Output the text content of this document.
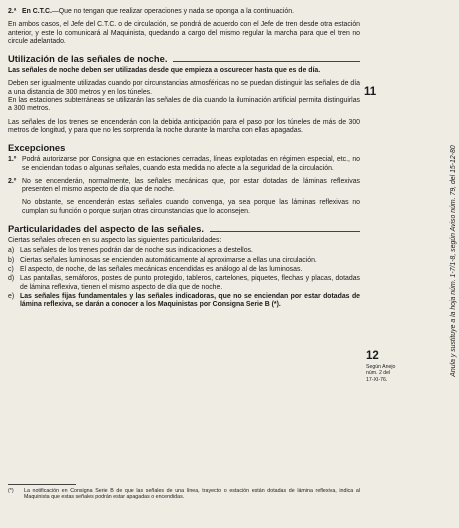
2.ª En C.T.C.—Que no tengan que realizar operaciones y nada se oponga a la continuación.

En ambos casos, el Jefe del C.T.C. o de circulación, se pondrá de acuerdo con el Jefe de tren desde otra estación anterior, y este lo comunicará al Maquinista, quedando a cargo del mismo regular la marcha para que el tren no circule adelantado.

Utilización de las señales de noche.

Las señales de noche deben ser utilizadas desde que empieza a oscurecer hasta que es de día.

Deben ser igualmente utilizadas cuando por circunstancias atmosféricas no se puedan distinguir las señales de día a una distancia de 300 metros y en los túneles.

En las estaciones subterráneas se utilizarán las señales de día cuando la iluminación artificial permita distinguirlas a 300 metros.

Las señales de los trenes se encenderán con la debida anticipación para el paso por los túneles de más de 300 metros de longitud, y para que no les sorprenda la noche durante la marcha con ellas apagadas.

Excepciones
1.º Podrá autorizarse por Consigna que en estaciones cerradas, líneas explotadas en régimen especial, etc., no se enciendan todas o algunas señales, cuando esta medida no afecte a la seguridad de la circulación.
2.º No se encenderán, normalmente, las señales mecánicas que, por estar dotadas de láminas reflexivas presenten el mismo aspecto de día que de noche.

No obstante, se encenderán estas señales cuando convenga, ya sea porque las láminas reflexivas no cumplan su función o porque surjan otras circunstancias que lo aconsejen.

Particularidades del aspecto de las señales.

Ciertas señales ofrecen en su aspecto las siguientes particularidades:

a) Las señales de los trenes podrán dar de noche sus indicaciones a destellos.
b) Ciertas señales luminosas se encienden automáticamente al aproximarse a ellas una circulación.
c) El aspecto, de noche, de las señales mecánicas encendidas es análogo al de las luminosas.
d) Las pantallas, semáforos, postes de punto protegido, tableros, cartelones, piquetes, flechas y placas, dotadas de lámina reflexiva, tienen el mismo aspecto de día que de noche.
e) Las señales fijas fundamentales y las señales indicadoras, que no se enciendan por estar dotadas de lámina reflexiva, se darán a conocer a los Maquinistas por Consigna Serie B (*).
11
12
Según Anejo
núm. 2 del
17-XI-76.
Anula y sustituye a la hoja núm. 1-7/1-8, según Aviso núm. 79, del 15-12-80
(*)	La notificación en Consigna Serie B de que las señales de una línea, trayecto o estación están dotadas de lámina reflexiva, indica al Maquinista que estas señales podrán estar apagadas o encendidas.
